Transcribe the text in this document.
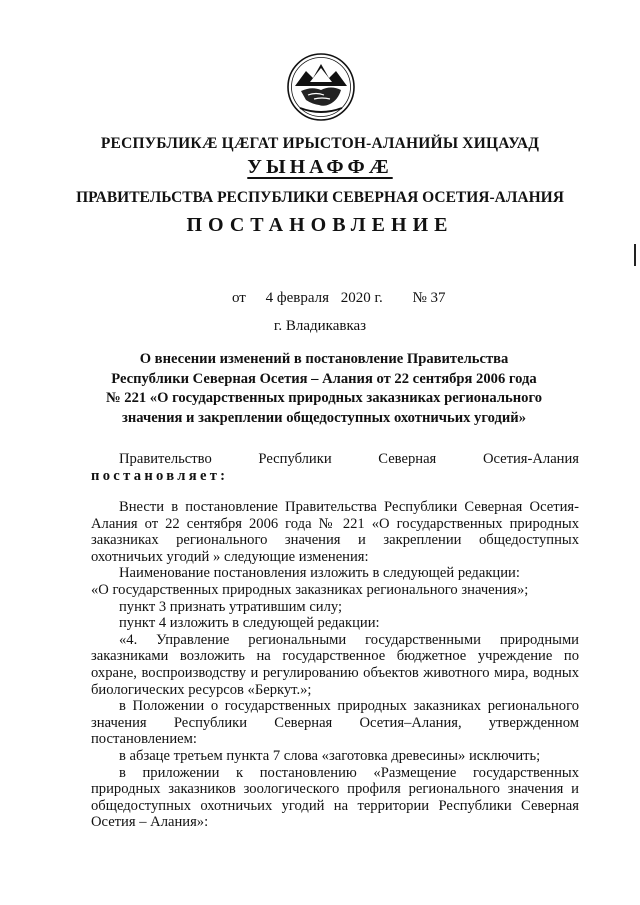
РЕСПУБЛИКӔ ЦӔГАТ ИРЫСТОН-АЛАНИЙЫ ХИЦАУАД
УЫНАФФӔ
ПРАВИТЕЛЬСТВА РЕСПУБЛИКИ СЕВЕРНАЯ ОСЕТИЯ-АЛАНИЯ
ПОСТАНОВЛЕНИЕ
от 4 февраля 2020 г. № 37
г. Владикавказ
О внесении изменений в постановление Правительства
Республики Северная Осетия – Алания от 22 сентября 2006 года
№ 221 «О государственных природных заказниках регионального
значения и закреплении общедоступных охотничьих угодий»

Правительство	Республики	Северная	Осетия-Алания

постановляет:

Внести в постановление Правительства Республики Северная Осетия-Алания от 22 сентября 2006 года № 221 «О государственных природных заказниках регионального значения и закреплении общедоступных охотничьих угодий » следующие изменения:

Наименование постановления изложить в следующей редакции:

«О государственных природных заказниках регионального значения»;

пункт 3 признать утратившим силу;

пункт 4 изложить в следующей редакции:

«4. Управление региональными государственными природными заказниками возложить на государственное бюджетное учреждение по охране, воспроизводству и регулированию объектов животного мира, водных биологических ресурсов «Беркут.»;

в Положении о государственных природных заказниках регионального значения Республики Северная Осетия–Алания, утвержденном постановлением:

в абзаце третьем пункта 7 слова «заготовка древесины» исключить;

в приложении к постановлению «Размещение государственных природных заказников зоологического профиля регионального значения и общедоступных охотничьих угодий на территории Республики Северная Осетия – Алания»:
